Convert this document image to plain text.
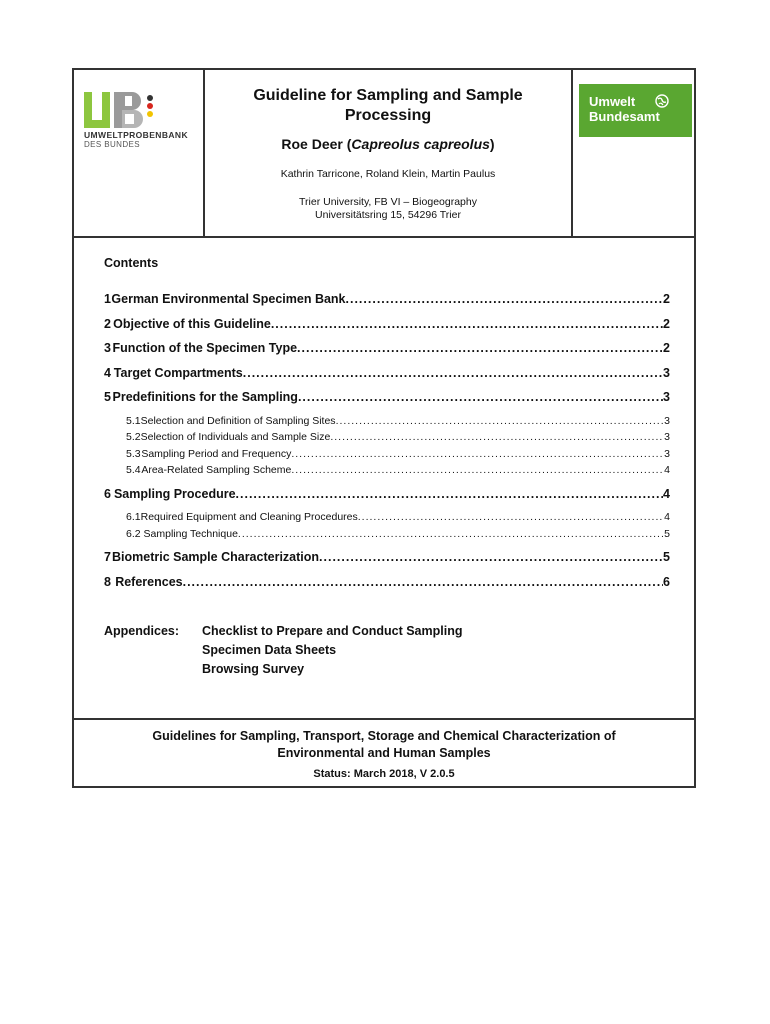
UMWELTPROBENBANK
DES BUNDES
Guideline for Sampling and Sample
Processing
Roe Deer (Capreolus capreolus)
Kathrin Tarricone, Roland Klein, Martin Paulus
Trier University, FB VI – Biogeography
Universitätsring 15, 54296 Trier
Umwelt
Bundesamt
Contents
1 German Environmental Specimen Bank .....	2
2 Objective of this Guideline .....	2
3 Function of the Specimen Type .....	2
4 Target Compartments .....	3
5 Predefinitions for the Sampling .....	3
5.1 Selection and Definition of Sampling Sites .....	3
5.2 Selection of Individuals and Sample Size .....	3
5.3 Sampling Period and Frequency .....	3
5.4 Area-Related Sampling Scheme .....	4
6 Sampling Procedure .....	4
6.1 Required Equipment and Cleaning Procedures .....	4
6.2 Sampling Technique .....	5
7 Biometric Sample Characterization .....	5
8 References .....	6
Appendices: Checklist to Prepare and Conduct Sampling
Specimen Data Sheets
Browsing Survey
Guidelines for Sampling, Transport, Storage and Chemical Characterization of
Environmental and Human Samples
Status: March 2018, V 2.0.5
